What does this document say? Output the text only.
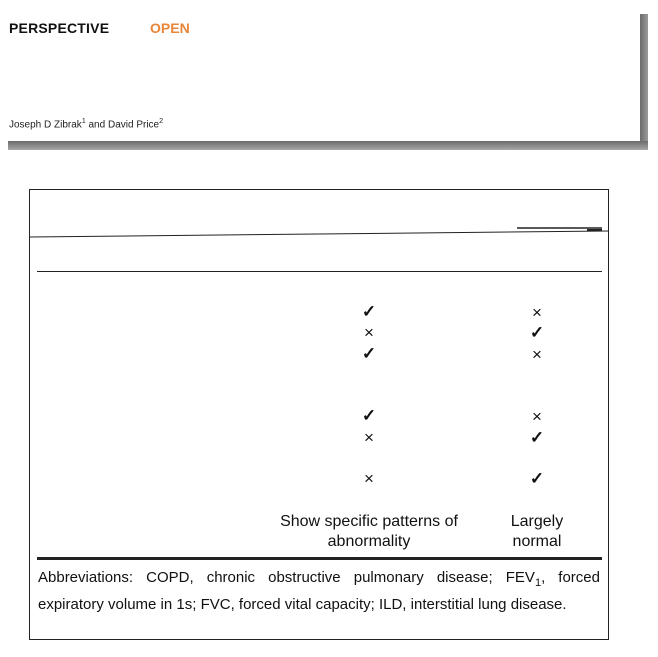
PERSPECTIVE	OPEN
Joseph D Zibrak$^1$ and David Price$^2$
✓
×
✓
✓
×
×
×
✓
×
×
✓
✓
Show specific patterns of
abnormality
Largely
normal
Abbreviations: COPD, chronic obstructive pulmonary disease; $FEV_1$, forced expiratory volume in 1s; FVC, forced vital capacity; ILD, interstitial lung disease.
